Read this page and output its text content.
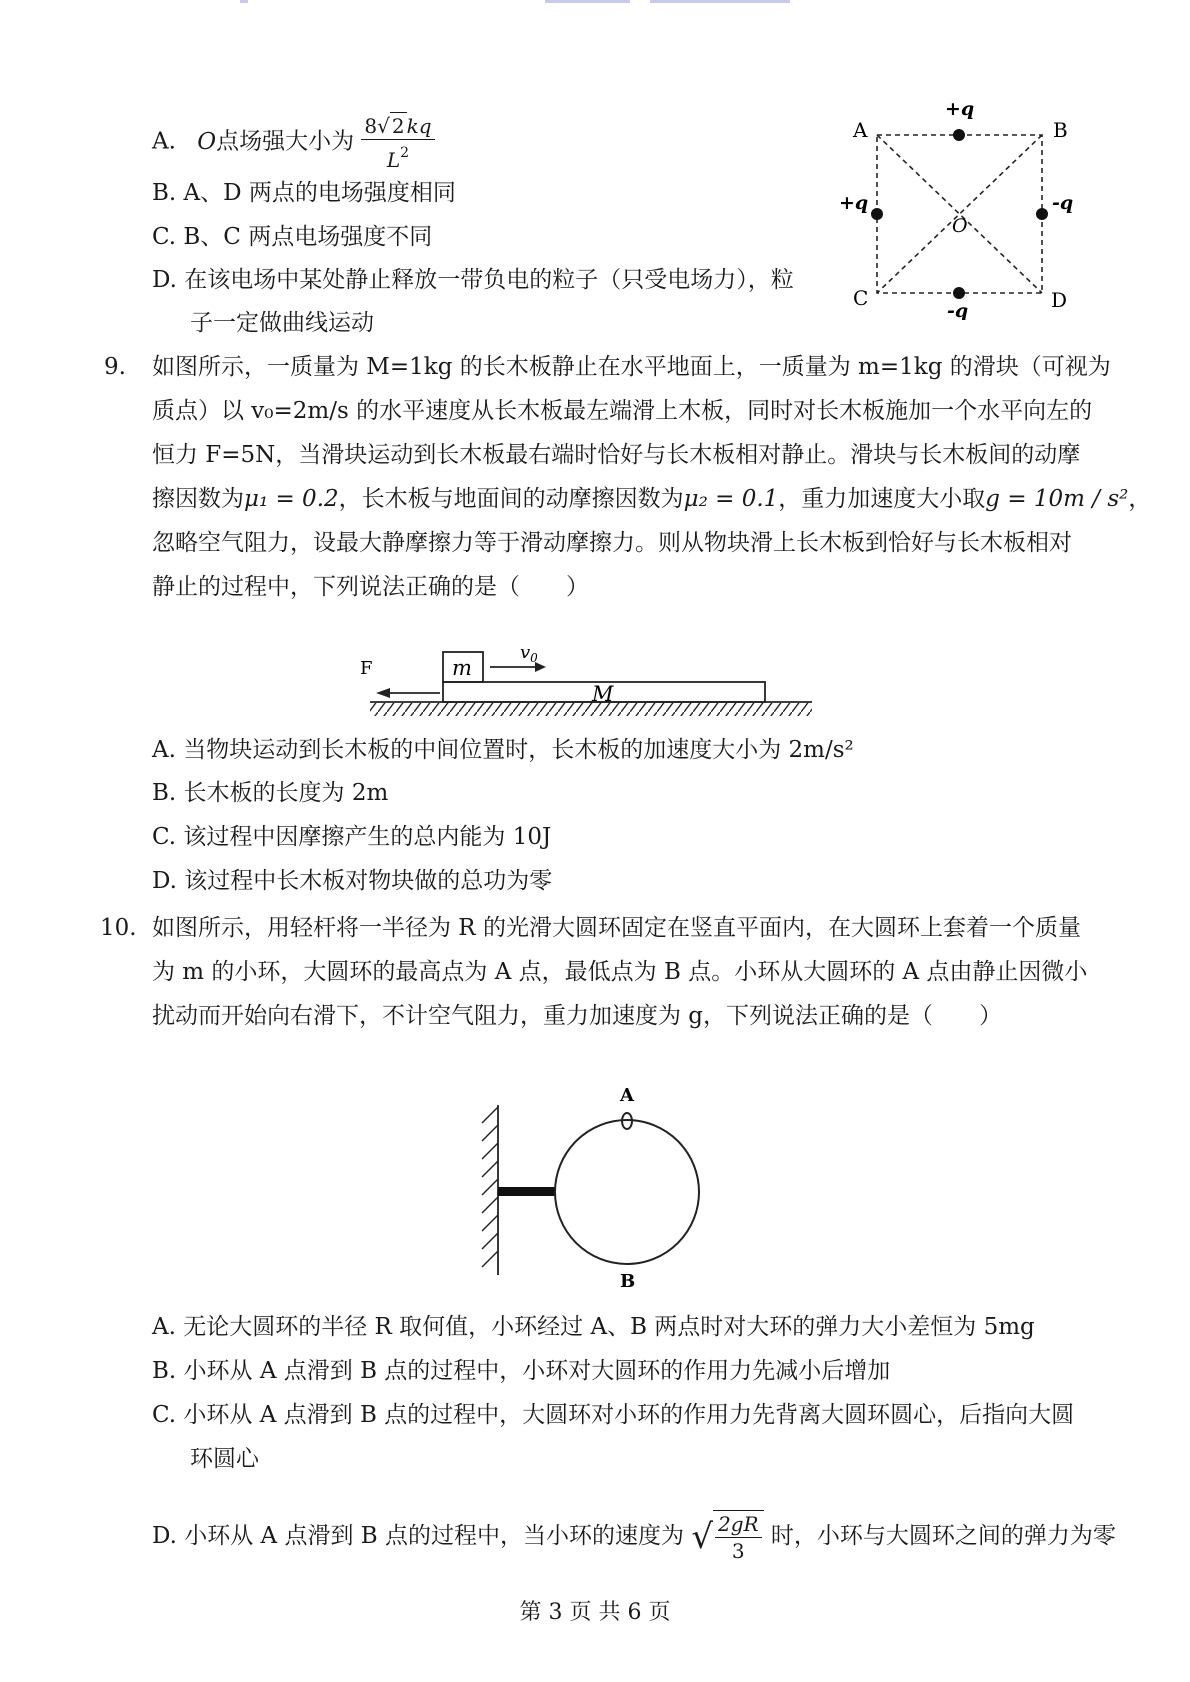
A. O点场强大小为 $\frac{8√ 2 kq}{L^2}$
B. A、D 两点的电场强度相同
C. B、C 两点电场强度不同
D. 在该电场中某处静止释放一带负电的粒子（只受电场力），粒
子一定做曲线运动
A	B
C	D
O
+q
+q	-q
-q
9. 如图所示，一质量为 M=1kg 的长木板静止在水平地面上，一质量为 m=1kg 的滑块（可视为
质点）以 v₀=2m/s 的水平速度从长木板最左端滑上木板，同时对长木板施加一个水平向左的
恒力 F=5N，当滑块运动到长木板最右端时恰好与长木板相对静止。滑块与长木板间的动摩
擦因数为μ₁ = 0.2，长木板与地面间的动摩擦因数为μ₂ = 0.1，重力加速度大小取g = 10m / s²，
忽略空气阻力，设最大静摩擦力等于滑动摩擦力。则从物块滑上长木板到恰好与长木板相对
静止的过程中，下列说法正确的是（　　）
m
M
$v_0$
F
A. 当物块运动到长木板的中间位置时，长木板的加速度大小为 2m/s²
B. 长木板的长度为 2m
C. 该过程中因摩擦产生的总内能为 10J
D. 该过程中长木板对物块做的总功为零
10. 如图所示，用轻杆将一半径为 R 的光滑大圆环固定在竖直平面内，在大圆环上套着一个质量
为 m 的小环，大圆环的最高点为 A 点，最低点为 B 点。小环从大圆环的 A 点由静止因微小
扰动而开始向右滑下，不计空气阻力，重力加速度为 g，下列说法正确的是（　　）
A
B
A. 无论大圆环的半径 R 取何值，小环经过 A、B 两点时对大环的弹力大小差恒为 5mg
B. 小环从 A 点滑到 B 点的过程中，小环对大圆环的作用力先减小后增加
C. 小环从 A 点滑到 B 点的过程中，大圆环对小环的作用力先背离大圆环圆心，后指向大圆
环圆心
D. 小环从 A 点滑到 B 点的过程中，当小环的速度为 √ $\frac{2gR}{3}$ 时，小环与大圆环之间的弹力为零
第 3 页 共 6 页
